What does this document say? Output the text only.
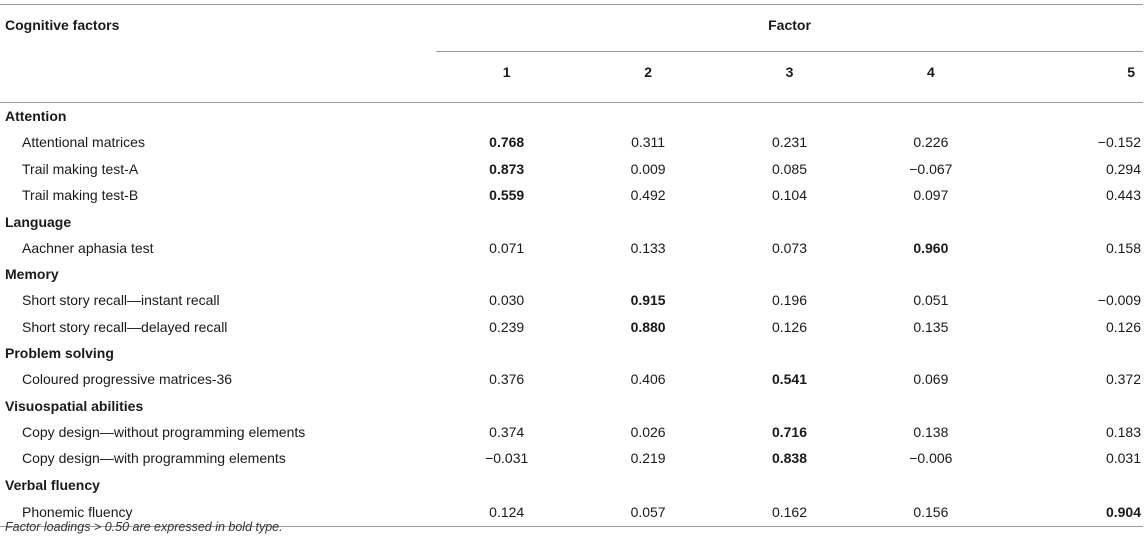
Cognitive factors	Factor				
	1	2	3	4	5
Attention					
Attentional matrices	0.768	0.311	0.231	0.226	−0.152
Trail making test-A	0.873	0.009	0.085	−0.067	0.294
Trail making test-B	0.559	0.492	0.104	0.097	0.443
Language					
Aachner aphasia test	0.071	0.133	0.073	0.960	0.158
Memory					
Short story recall—instant recall	0.030	0.915	0.196	0.051	−0.009
Short story recall—delayed recall	0.239	0.880	0.126	0.135	0.126
Problem solving					
Coloured progressive matrices-36	0.376	0.406	0.541	0.069	0.372
Visuospatial abilities					
Copy design—without programming elements	0.374	0.026	0.716	0.138	0.183
Copy design—with programming elements	−0.031	0.219	0.838	−0.006	0.031
Verbal fluency					
Phonemic fluency	0.124	0.057	0.162	0.156	0.904
Factor loadings > 0.50 are expressed in bold type.
